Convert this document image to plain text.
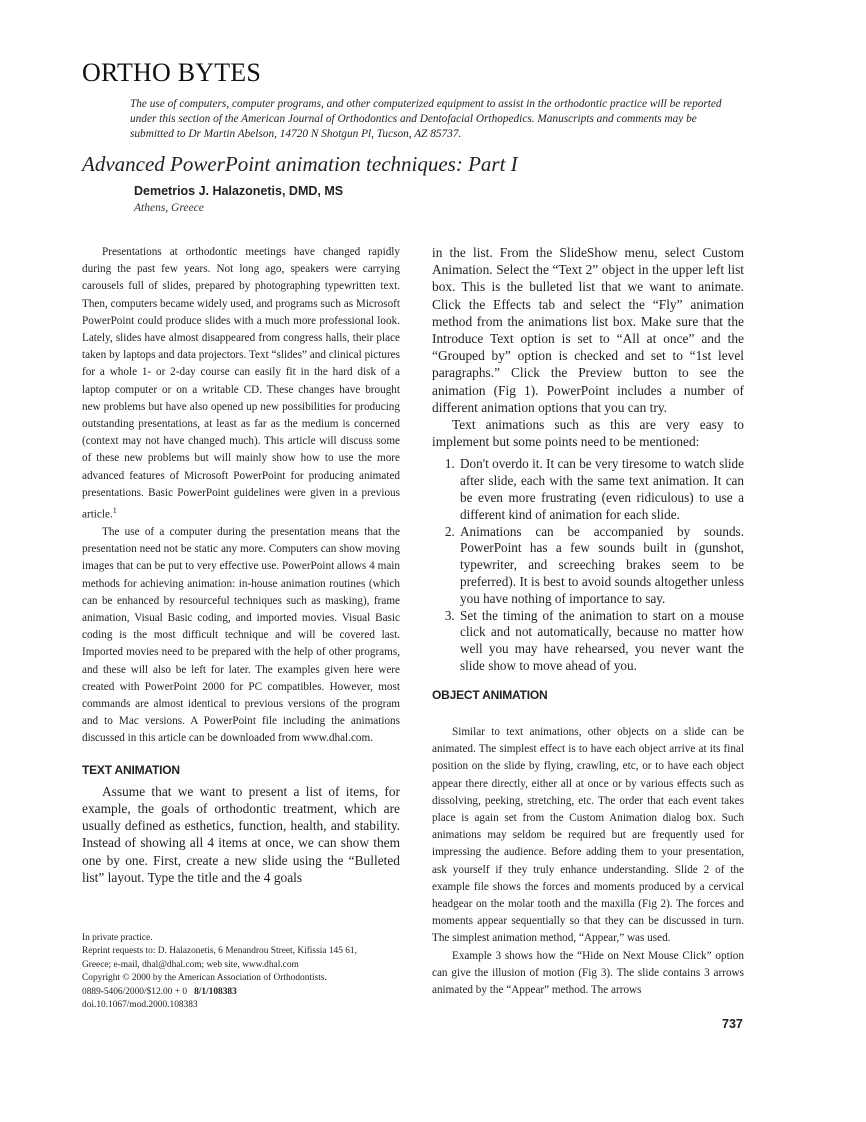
ORTHO BYTES
The use of computers, computer programs, and other computerized equipment to assist in the orthodontic practice will be reported under this section of the American Journal of Orthodontics and Dentofacial Orthopedics. Manuscripts and comments may be submitted to Dr Martin Abelson, 14720 N Shotgun Pl, Tucson, AZ 85737.
Advanced PowerPoint animation techniques: Part I
Demetrios J. Halazonetis, DMD, MS
Athens, Greece

Presentations at orthodontic meetings have changed rapidly during the past few years. Not long ago, speakers were carrying carousels full of slides, prepared by photographing typewritten text. Then, computers became widely used, and programs such as Microsoft PowerPoint could produce slides with a much more professional look. Lately, slides have almost disappeared from congress halls, their place taken by laptops and data projectors. Text “slides” and clinical pictures for a whole 1- or 2-day course can easily fit in the hard disk of a laptop computer or on a writable CD. These changes have brought new problems but have also opened up new possibilities for producing outstanding presentations, at least as far as the medium is concerned (context may not have changed much). This article will discuss some of these new problems but will mainly show how to use the more advanced features of Microsoft PowerPoint for producing animated presentations. Basic PowerPoint guidelines were given in a previous article.$^1$

The use of a computer during the presentation means that the presentation need not be static any more. Computers can show moving images that can be put to very effective use. PowerPoint allows 4 main methods for achieving animation: in-house animation routines (which can be enhanced by resourceful techniques such as masking), frame animation, Visual Basic coding, and imported movies. Visual Basic coding is the most difficult technique and will be covered last. Imported movies need to be prepared with the help of other programs, and these will also be left for later. The examples given here were created with PowerPoint 2000 for PC compatibles. However, most commands are almost identical to previous versions of the program and to Mac versions. A PowerPoint file including the animations discussed in this article can be downloaded from www.dhal.com.

TEXT ANIMATION

Assume that we want to present a list of items, for example, the goals of orthodontic treatment, which are usually defined as esthetics, function, health, and stability. Instead of showing all 4 items at once, we can show them one by one. First, create a new slide using the “Bulleted list” layout. Type the title and the 4 goals

In private practice.
Reprint requests to: D. Halazonetis, 6 Menandrou Street, Kifissia 145 61,
Greece; e-mail, dhal@dhal.com; web site, www.dhal.com
Copyright © 2000 by the American Association of Orthodontists.
0889-5406/2000/$12.00 + 0 8/1/108383
doi.10.1067/mod.2000.108383

in the list. From the SlideShow menu, select Custom Animation. Select the “Text 2” object in the upper left list box. This is the bulleted list that we want to animate. Click the Effects tab and select the “Fly” animation method from the animations list box. Make sure that the Introduce Text option is set to “All at once” and the “Grouped by” option is checked and set to “1st level paragraphs.” Click the Preview button to see the animation (Fig 1). PowerPoint includes a number of different animation options that you can try.

Text animations such as this are very easy to implement but some points need to be mentioned:

1. Don't overdo it. It can be very tiresome to watch slide after slide, each with the same text animation. It can be even more frustrating (even ridiculous) to use a different kind of animation for each slide.
2. Animations can be accompanied by sounds. PowerPoint has a few sounds built in (gunshot, typewriter, and screeching brakes seem to be preferred). It is best to avoid sounds altogether unless you have nothing of importance to say.
3. Set the timing of the animation to start on a mouse click and not automatically, because no matter how well you may have rehearsed, you never want the slide show to move ahead of you.
OBJECT ANIMATION

Similar to text animations, other objects on a slide can be animated. The simplest effect is to have each object arrive at its final position on the slide by flying, crawling, etc, or to have each object appear there directly, either all at once or by various effects such as dissolving, peeking, stretching, etc. The order that each event takes place is again set from the Custom Animation dialog box. Such animations may seldom be required but are frequently used for impressing the audience. Before adding them to your presentation, ask yourself if they truly enhance understanding. Slide 2 of the example file shows the forces and moments produced by a cervical headgear on the molar tooth and the maxilla (Fig 2). The forces and moments appear sequentially so that they can be discussed in turn. The simplest animation method, “Appear,” was used.

Example 3 shows how the “Hide on Next Mouse Click” option can give the illusion of motion (Fig 3). The slide contains 3 arrows animated by the “Appear” method. The arrows

737
